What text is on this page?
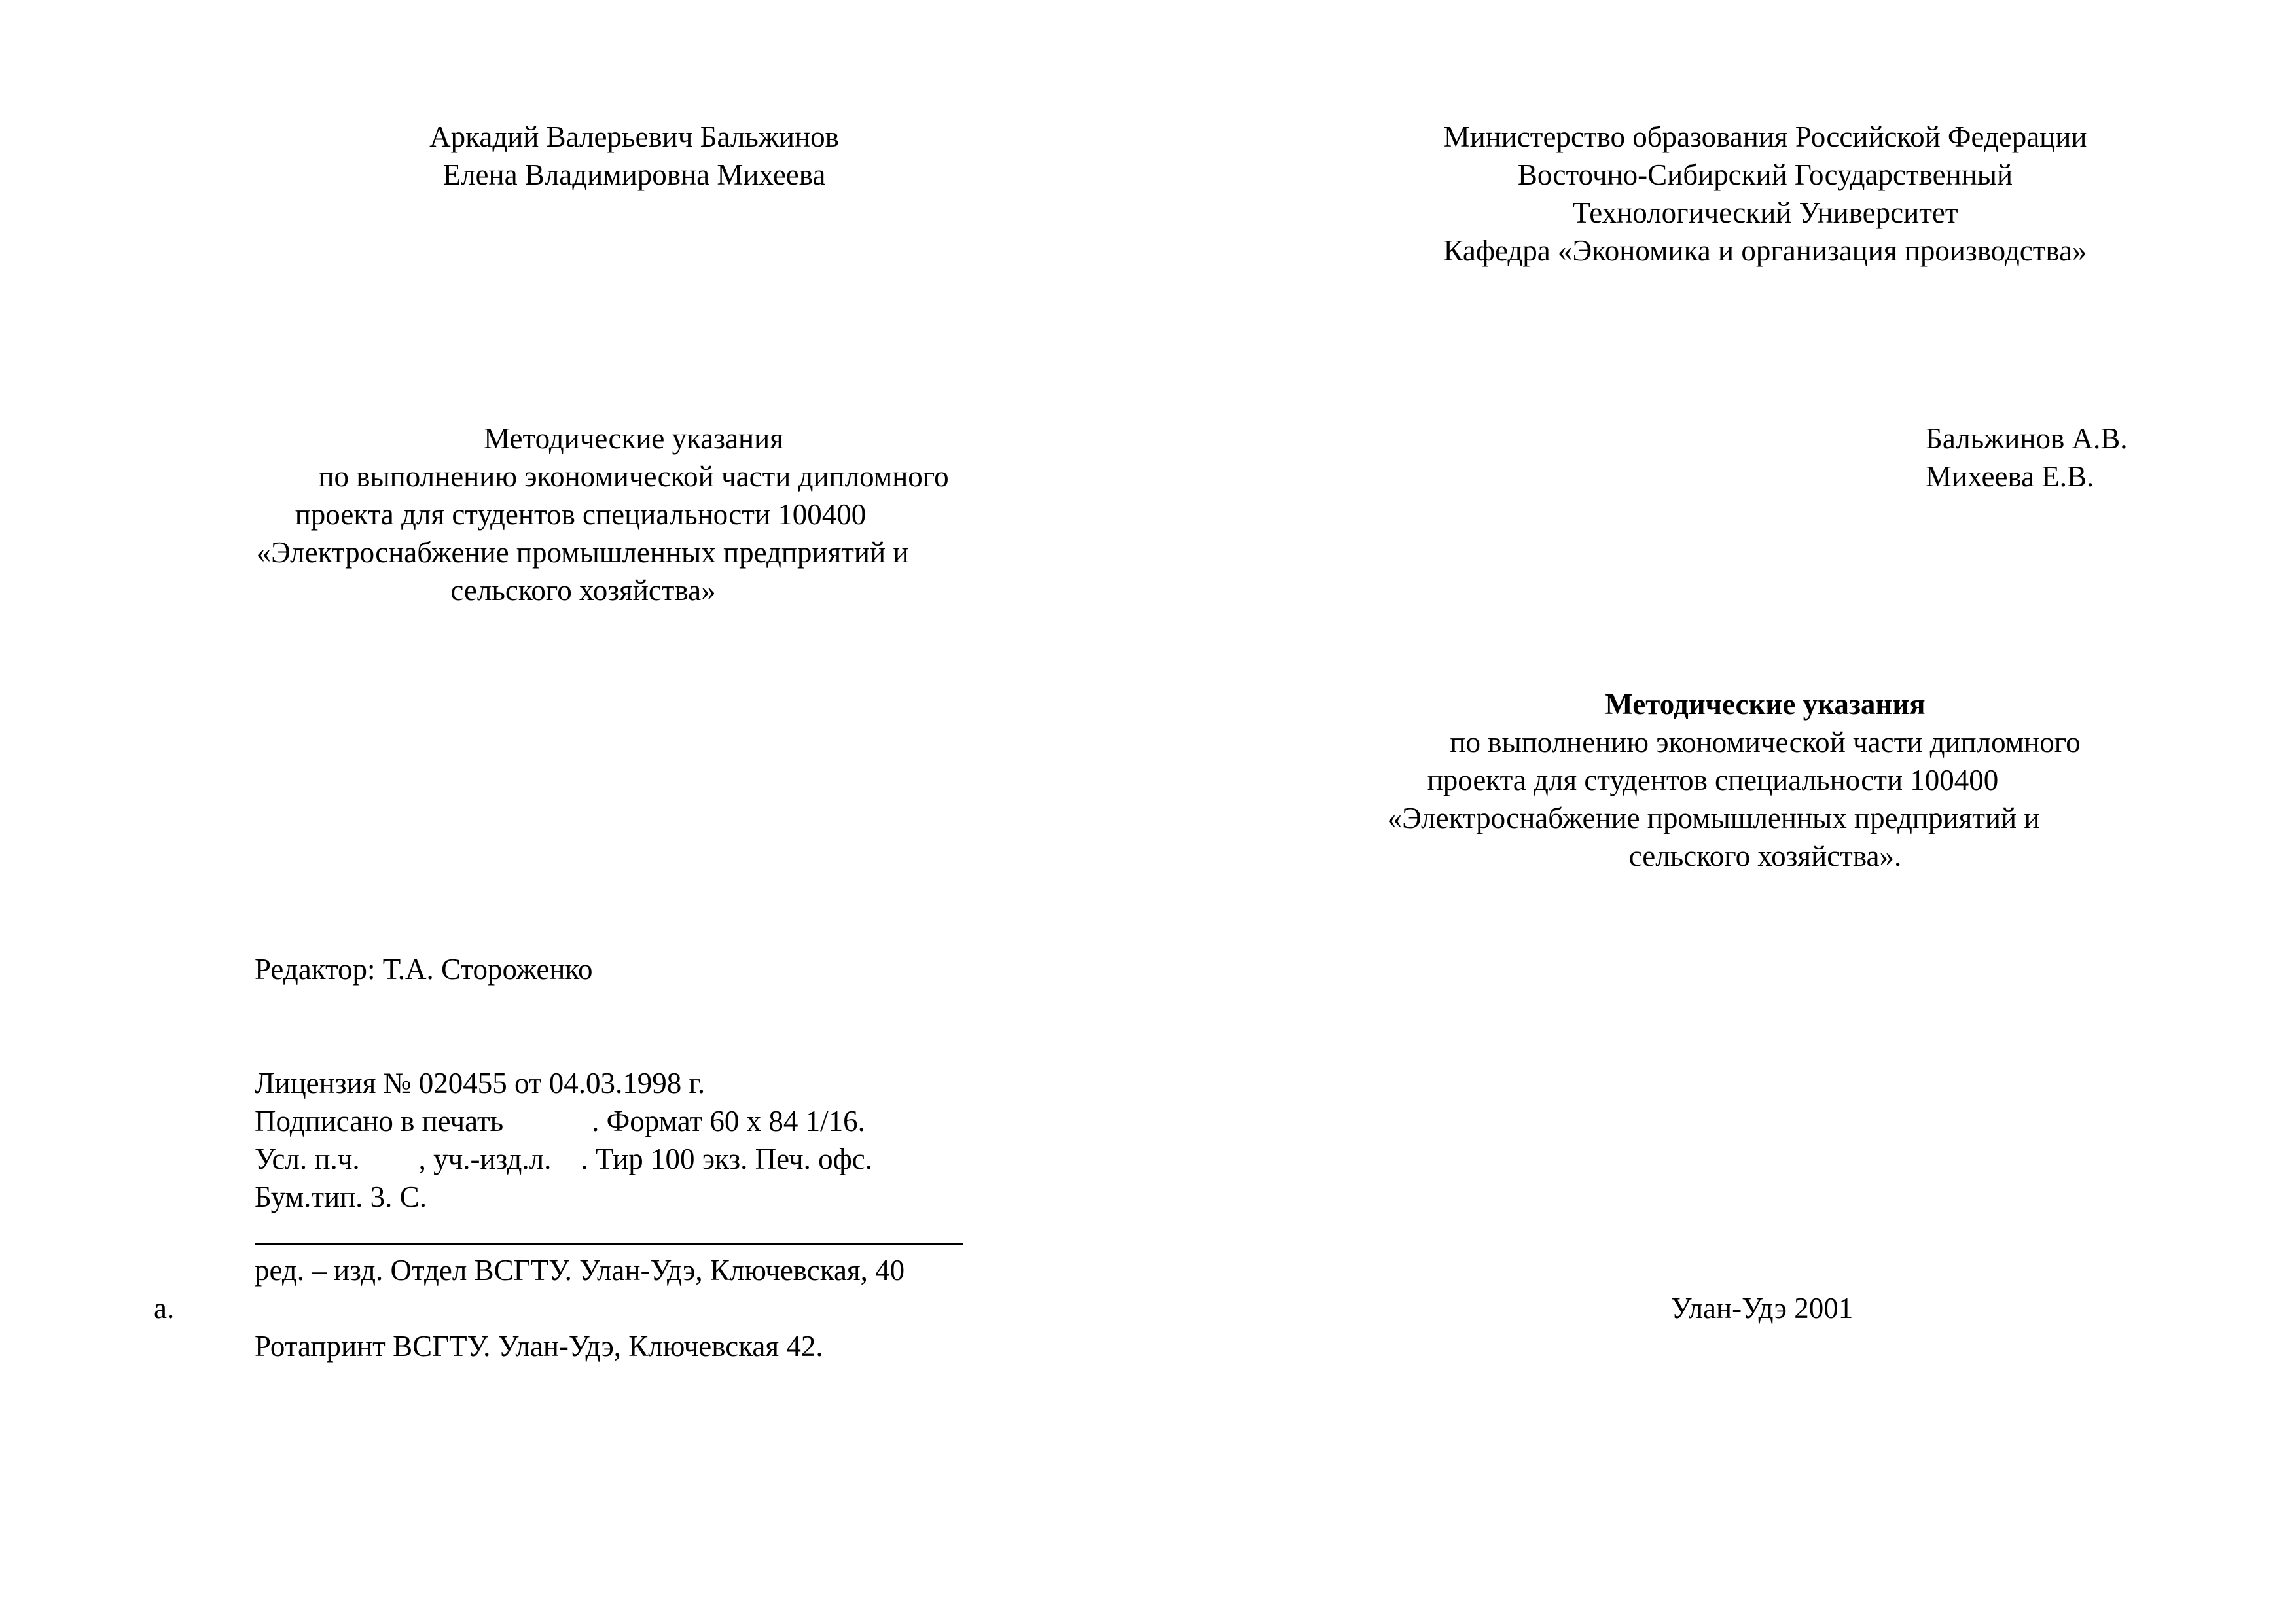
Аркадий Валерьевич Бальжинов
Елена Владимировна Михеева
Методические указания
по выполнению экономической части дипломного
проекта для студентов специальности 100400
«Электроснабжение промышленных предприятий и
сельского хозяйства»
Редактор: Т.А. Стороженко
Лицензия № 020455 от 04.03.1998 г.
Подписано в печать            . Формат 60 х 84 1/16.
Усл. п.ч.        , уч.-изд.л.    . Тир 100 экз. Печ. офс.
Бум.тип. 3. С.
ред. – изд. Отдел ВСГТУ. Улан-Удэ, Ключевская, 40
а.
Ротапринт ВСГТУ. Улан-Удэ, Ключевская 42.
Министерство образования Российской Федерации
Восточно-Сибирский Государственный
Технологический Университет
Кафедра «Экономика и организация производства»
Бальжинов А.В.
Михеева Е.В.
Методические указания
по выполнению экономической части дипломного
проекта для студентов специальности 100400
«Электроснабжение промышленных предприятий и
сельского хозяйства».
Улан-Удэ 2001
